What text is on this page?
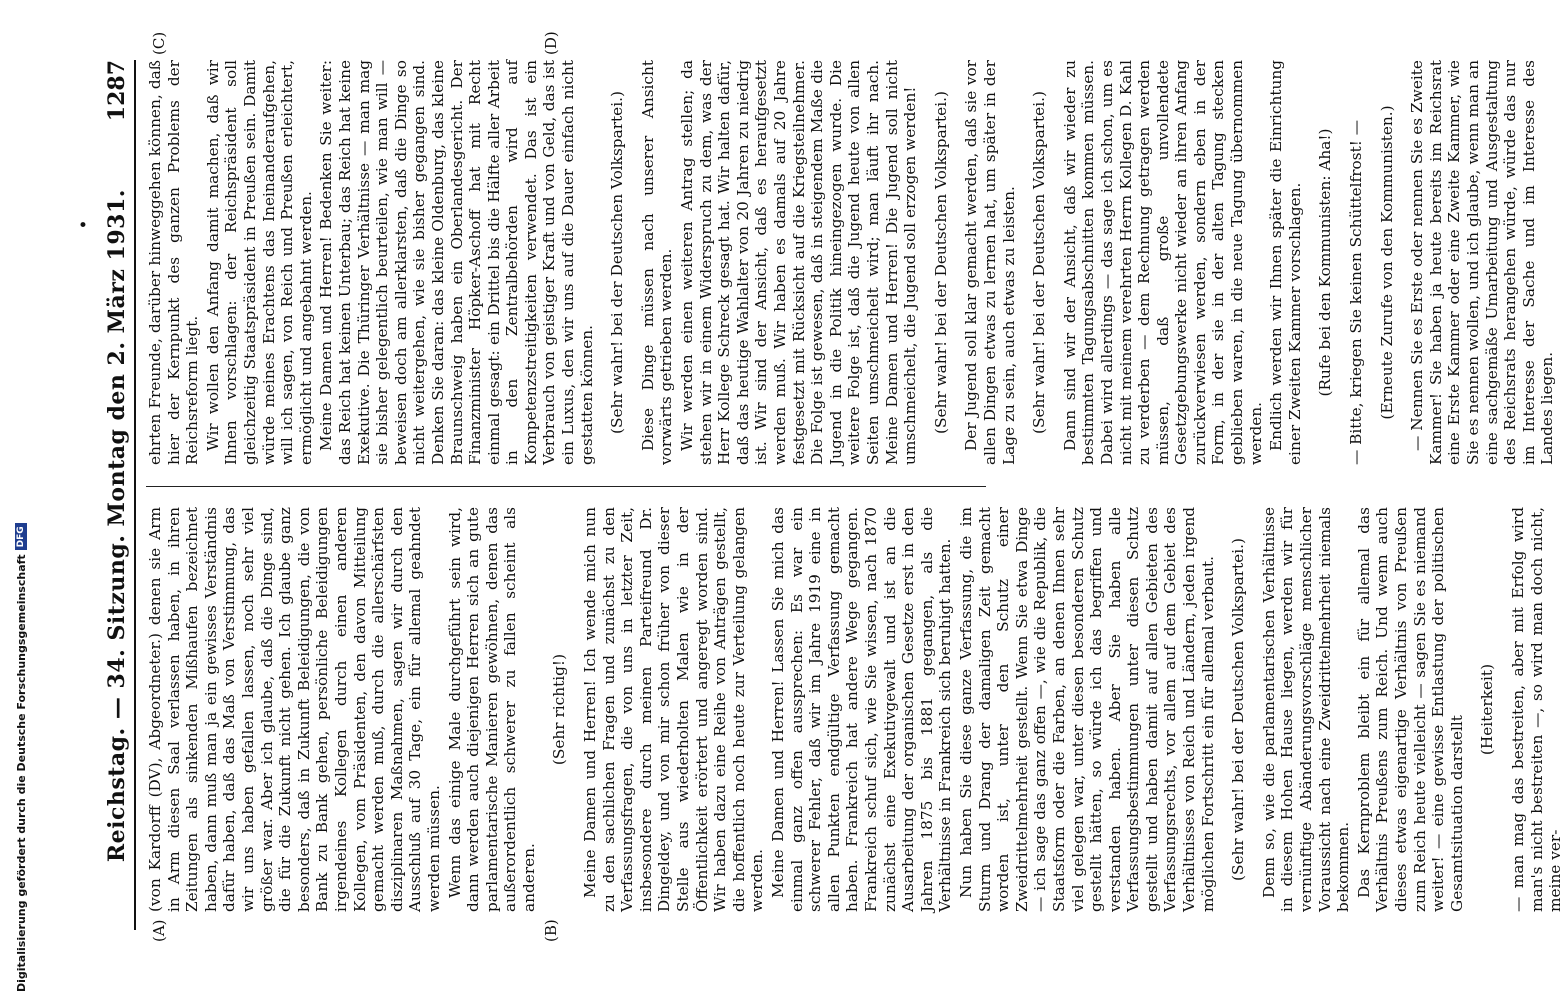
Digitalisierung gefördert durch die Deutsche Forschungsgemeinschaft
DFG	Reichstag. — 34. Sitzung. Montag den 2. März 1931.
1287
•
(A)	(B)
(C)	(D)

(von Kardorff (DV), Abgeordneter.) denen sie Arm in Arm diesen Saal verlassen haben, in ihren Zeitungen als sinkenden Mißhaufen bezeichnet haben, dann muß man ja ein gewisses Verständnis dafür haben, daß das Maß von Verstimmung, das wir uns haben gefallen lassen, noch sehr viel größer war. Aber ich glaube, daß die Dinge sind, die für die Zukunft nicht gehen. Ich glaube ganz besonders, daß in Zukunft Beleidigungen, die von Bank zu Bank gehen, persönliche Beleidigungen irgendeines Kollegen durch einen anderen Kollegen, vom Präsidenten, den davon Mitteilung gemacht werden muß, durch die allerschärfsten disziplinaren Maßnahmen, sagen wir durch den Ausschluß auf 30 Tage, ein für allemal geahndet werden müssen. Wenn das einige Male durchgeführt sein wird, dann werden auch diejenigen Herren sich an gute parlamentarische Manieren gewöhnen, denen das außerordentlich schwerer zu fallen scheint als anderen.

(Sehr richtig!) Meine Damen und Herren! Ich wende mich nun zu den sachlichen Fragen und zunächst zu den Verfassungsfragen, die von uns in letzter Zeit, insbesondere durch meinen Parteifreund Dr. Dingeldey, und von mir schon früher von dieser Stelle aus wiederholten Malen wie in der Öffentlichkeit erörtert und angeregt worden sind. Wir haben dazu eine Reihe von Anträgen gestellt, die hoffentlich noch heute zur Verteilung gelangen werden. Meine Damen und Herren! Lassen Sie mich das einmal ganz offen aussprechen: Es war ein schwerer Fehler, daß wir im Jahre 1919 eine in allen Punkten endgültige Verfassung gemacht haben. Frankreich hat andere Wege gegangen. Frankreich schuf sich, wie Sie wissen, nach 1870 zunächst eine Exekutivgewalt und ist an die Ausarbeitung der organischen Gesetze erst in den Jahren 1875 bis 1881 gegangen, als die Verhältnisse in Frankreich sich beruhigt hatten. Nun haben Sie diese ganze Verfassung, die im Sturm und Drang der damaligen Zeit gemacht worden ist, unter den Schutz einer Zweidrittelmehrheit gestellt. Wenn Sie etwa Dinge — ich sage das ganz offen —, wie die Republik, die Staatsform oder die Farben, an denen Ihnen sehr viel gelegen war, unter diesen besonderen Schutz gestellt hätten, so würde ich das begriffen und verstanden haben. Aber Sie haben alle Verfassungsbestimmungen unter diesen Schutz gestellt und haben damit auf allen Gebieten des Verfassungsrechts, vor allem auf dem Gebiet des Verhältnisses von Reich und Ländern, jeden irgend möglichen Fortschritt ein für allemal verbaut. (Sehr wahr! bei der Deutschen Volkspartei.) Denn so, wie die parlamentarischen Verhältnisse in diesem Hohen Hause liegen, werden wir für vernünftige Abänderungsvorschläge menschlicher Voraussicht nach eine Zweidrittelmehrheit niemals bekommen. Das Kernproblem bleibt ein für allemal das Verhältnis Preußens zum Reich. Und wenn auch dieses etwas eigenartige Verhältnis von Preußen zum Reich heute vielleicht — sagen Sie es niemand weiter! — eine gewisse Entlastung der politischen Gesamtsituation darstellt

(Heiterkeit) — man mag das bestreiten, aber mit Erfolg wird man's nicht bestreiten —, so wird man doch nicht, meine ver-

ehrten Freunde, darüber hinweggehen können, daß hier der Kernpunkt des ganzen Problems der Reichsreform liegt. Wir wollen den Anfang damit machen, daß wir Ihnen vorschlagen: der Reichspräsident soll gleichzeitig Staatspräsident in Preußen sein. Damit würde meines Erachtens das Ineinanderaufgehen, will ich sagen, von Reich und Preußen erleichtert, ermöglicht und angebahnt werden. Meine Damen und Herren! Bedenken Sie weiter: das Reich hat keinen Unterbau; das Reich hat keine Exekutive. Die Thüringer Verhältnisse — man mag sie bisher gelegentlich beurteilen, wie man will — beweisen doch am allerklarsten, daß die Dinge so nicht weitergehen, wie sie bisher gegangen sind. Denken Sie daran: das kleine Oldenburg, das kleine Braunschweig haben ein Oberlandesgericht. Der Finanzminister Höpker-Aschoff hat mit Recht einmal gesagt: ein Drittel bis die Hälfte aller Arbeit in den Zentralbehörden wird auf Kompetenzstreitigkeiten verwendet. Das ist ein Verbrauch von geistiger Kraft und von Geld, das ist ein Luxus, den wir uns auf die Dauer einfach nicht gestatten können. (Sehr wahr! bei der Deutschen Volkspartei.) Diese Dinge müssen nach unserer Ansicht vorwärts getrieben werden. Wir werden einen weiteren Antrag stellen; da stehen wir in einem Widerspruch zu dem, was der Herr Kollege Schreck gesagt hat. Wir halten dafür, daß das heutige Wahlalter von 20 Jahren zu niedrig ist. Wir sind der Ansicht, daß es heraufgesetzt werden muß. Wir haben es damals auf 20 Jahre festgesetzt mit Rücksicht auf die Kriegsteilnehmer. Die Folge ist gewesen, daß in steigendem Maße die Jugend in die Politik hineingezogen wurde. Die weitere Folge ist, daß die Jugend heute von allen Seiten umschmeichelt wird; man läuft ihr nach. Meine Damen und Herren! Die Jugend soll nicht umschmeichelt, die Jugend soll erzogen werden! (Sehr wahr! bei der Deutschen Volkspartei.) Der Jugend soll klar gemacht werden, daß sie vor allen Dingen etwas zu lernen hat, um später in der Lage zu sein, auch etwas zu leisten. (Sehr wahr! bei der Deutschen Volkspartei.) Dann sind wir der Ansicht, daß wir wieder zu bestimmten Tagungsabschnitten kommen müssen. Dabei wird allerdings — das sage ich schon, um es nicht mit meinem verehrten Herrn Kollegen D. Kahl zu verderben — dem Rechnung getragen werden müssen, daß große unvollendete Gesetzgebungswerke nicht wieder an ihren Anfang zurückverwiesen werden, sondern eben in der Form, in der sie in der alten Tagung stecken geblieben waren, in die neue Tagung übernommen werden. Endlich werden wir Ihnen später die Einrichtung einer Zweiten Kammer vorschlagen. (Rufe bei den Kommunisten: Aha!) — Bitte, kriegen Sie keinen Schüttelfrost! — (Erneute Zurufe von den Kommunisten.) — Nennen Sie es Erste oder nennen Sie es Zweite Kammer! Sie haben ja heute bereits im Reichsrat eine Erste Kammer oder eine Zweite Kammer, wie Sie es nennen wollen, und ich glaube, wenn man an eine sachgemäße Umarbeitung und Ausgestaltung des Reichsrats herangehen würde, würde das nur im Interesse der Sache und im Interesse des Landes liegen.
